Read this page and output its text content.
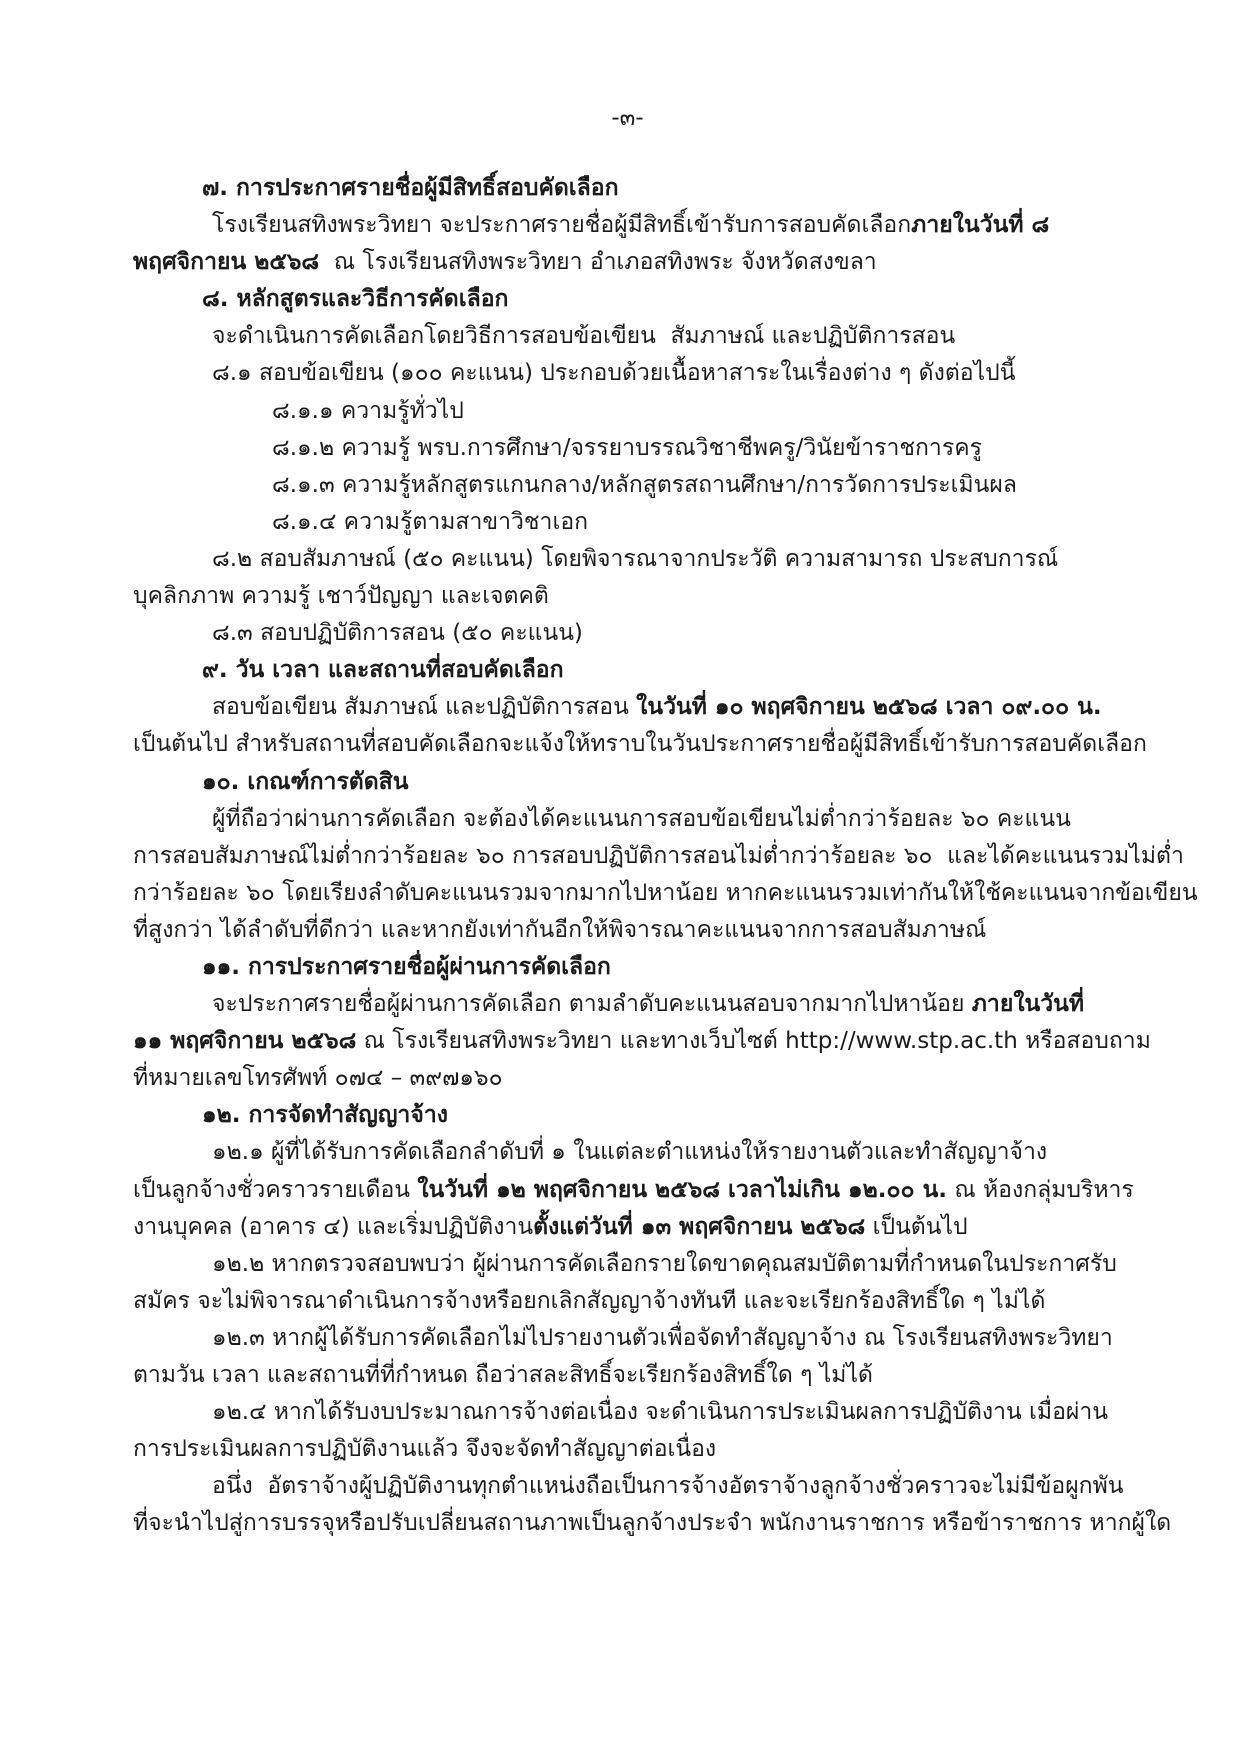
-๓-
๗. การประกาศรายชื่อผู้มีสิทธิ์สอบคัดเลือก
โรงเรียนสทิงพระวิทยา จะประกาศรายชื่อผู้มีสิทธิ์เข้ารับการสอบคัดเลือกภายในวันที่ ๘
พฤศจิกายน ๒๕๖๘  ณ โรงเรียนสทิงพระวิทยา อำเภอสทิงพระ จังหวัดสงขลา
๘. หลักสูตรและวิธีการคัดเลือก
จะดำเนินการคัดเลือกโดยวิธีการสอบข้อเขียน  สัมภาษณ์ และปฏิบัติการสอน
๘.๑ สอบข้อเขียน (๑๐๐ คะแนน) ประกอบด้วยเนื้อหาสาระในเรื่องต่าง ๆ ดังต่อไปนี้
๘.๑.๑ ความรู้ทั่วไป
๘.๑.๒ ความรู้ พรบ.การศึกษา/จรรยาบรรณวิชาชีพครู/วินัยข้าราชการครู
๘.๑.๓ ความรู้หลักสูตรแกนกลาง/หลักสูตรสถานศึกษา/การวัดการประเมินผล
๘.๑.๔ ความรู้ตามสาขาวิชาเอก
๘.๒ สอบสัมภาษณ์ (๕๐ คะแนน) โดยพิจารณาจากประวัติ ความสามารถ ประสบการณ์
บุคลิกภาพ ความรู้ เชาว์ปัญญา และเจตคติ
๘.๓ สอบปฏิบัติการสอน (๕๐ คะแนน)
๙. วัน เวลา และสถานที่สอบคัดเลือก
สอบข้อเขียน สัมภาษณ์ และปฏิบัติการสอน ในวันที่ ๑๐ พฤศจิกายน ๒๕๖๘ เวลา ๐๙.๐๐ น.
เป็นต้นไป สำหรับสถานที่สอบคัดเลือกจะแจ้งให้ทราบในวันประกาศรายชื่อผู้มีสิทธิ์เข้ารับการสอบคัดเลือก
๑๐. เกณฑ์การตัดสิน
ผู้ที่ถือว่าผ่านการคัดเลือก จะต้องได้คะแนนการสอบข้อเขียนไม่ต่ำกว่าร้อยละ ๖๐ คะแนน
การสอบสัมภาษณ์ไม่ต่ำกว่าร้อยละ ๖๐ การสอบปฏิบัติการสอนไม่ต่ำกว่าร้อยละ ๖๐  และได้คะแนนรวมไม่ต่ำ
กว่าร้อยละ ๖๐ โดยเรียงลำดับคะแนนรวมจากมากไปหาน้อย หากคะแนนรวมเท่ากันให้ใช้คะแนนจากข้อเขียน
ที่สูงกว่า ได้ลำดับที่ดีกว่า และหากยังเท่ากันอีกให้พิจารณาคะแนนจากการสอบสัมภาษณ์
๑๑. การประกาศรายชื่อผู้ผ่านการคัดเลือก
จะประกาศรายชื่อผู้ผ่านการคัดเลือก ตามลำดับคะแนนสอบจากมากไปหาน้อย ภายในวันที่
๑๑ พฤศจิกายน ๒๕๖๘ ณ โรงเรียนสทิงพระวิทยา และทางเว็บไซต์ http://www.stp.ac.th หรือสอบถาม
ที่หมายเลขโทรศัพท์ ๐๗๔ – ๓๙๗๑๖๐
๑๒. การจัดทำสัญญาจ้าง
๑๒.๑ ผู้ที่ได้รับการคัดเลือกลำดับที่ ๑ ในแต่ละตำแหน่งให้รายงานตัวและทำสัญญาจ้าง
เป็นลูกจ้างชั่วคราวรายเดือน ในวันที่ ๑๒ พฤศจิกายน ๒๕๖๘ เวลาไม่เกิน ๑๒.๐๐ น. ณ ห้องกลุ่มบริหาร
งานบุคคล (อาคาร ๔) และเริ่มปฏิบัติงานตั้งแต่วันที่ ๑๓ พฤศจิกายน ๒๕๖๘ เป็นต้นไป
๑๒.๒ หากตรวจสอบพบว่า ผู้ผ่านการคัดเลือกรายใดขาดคุณสมบัติตามที่กำหนดในประกาศรับ
สมัคร จะไม่พิจารณาดำเนินการจ้างหรือยกเลิกสัญญาจ้างทันที และจะเรียกร้องสิทธิ์ใด ๆ ไม่ได้
๑๒.๓ หากผู้ได้รับการคัดเลือกไม่ไปรายงานตัวเพื่อจัดทำสัญญาจ้าง ณ โรงเรียนสทิงพระวิทยา
ตามวัน เวลา และสถานที่ที่กำหนด ถือว่าสละสิทธิ์จะเรียกร้องสิทธิ์ใด ๆ ไม่ได้
๑๒.๔ หากได้รับงบประมาณการจ้างต่อเนื่อง จะดำเนินการประเมินผลการปฏิบัติงาน เมื่อผ่าน
การประเมินผลการปฏิบัติงานแล้ว จึงจะจัดทำสัญญาต่อเนื่อง
อนึ่ง  อัตราจ้างผู้ปฏิบัติงานทุกตำแหน่งถือเป็นการจ้างอัตราจ้างลูกจ้างชั่วคราวจะไม่มีข้อผูกพัน
ที่จะนำไปสู่การบรรจุหรือปรับเปลี่ยนสถานภาพเป็นลูกจ้างประจำ พนักงานราชการ หรือข้าราชการ หากผู้ใด
